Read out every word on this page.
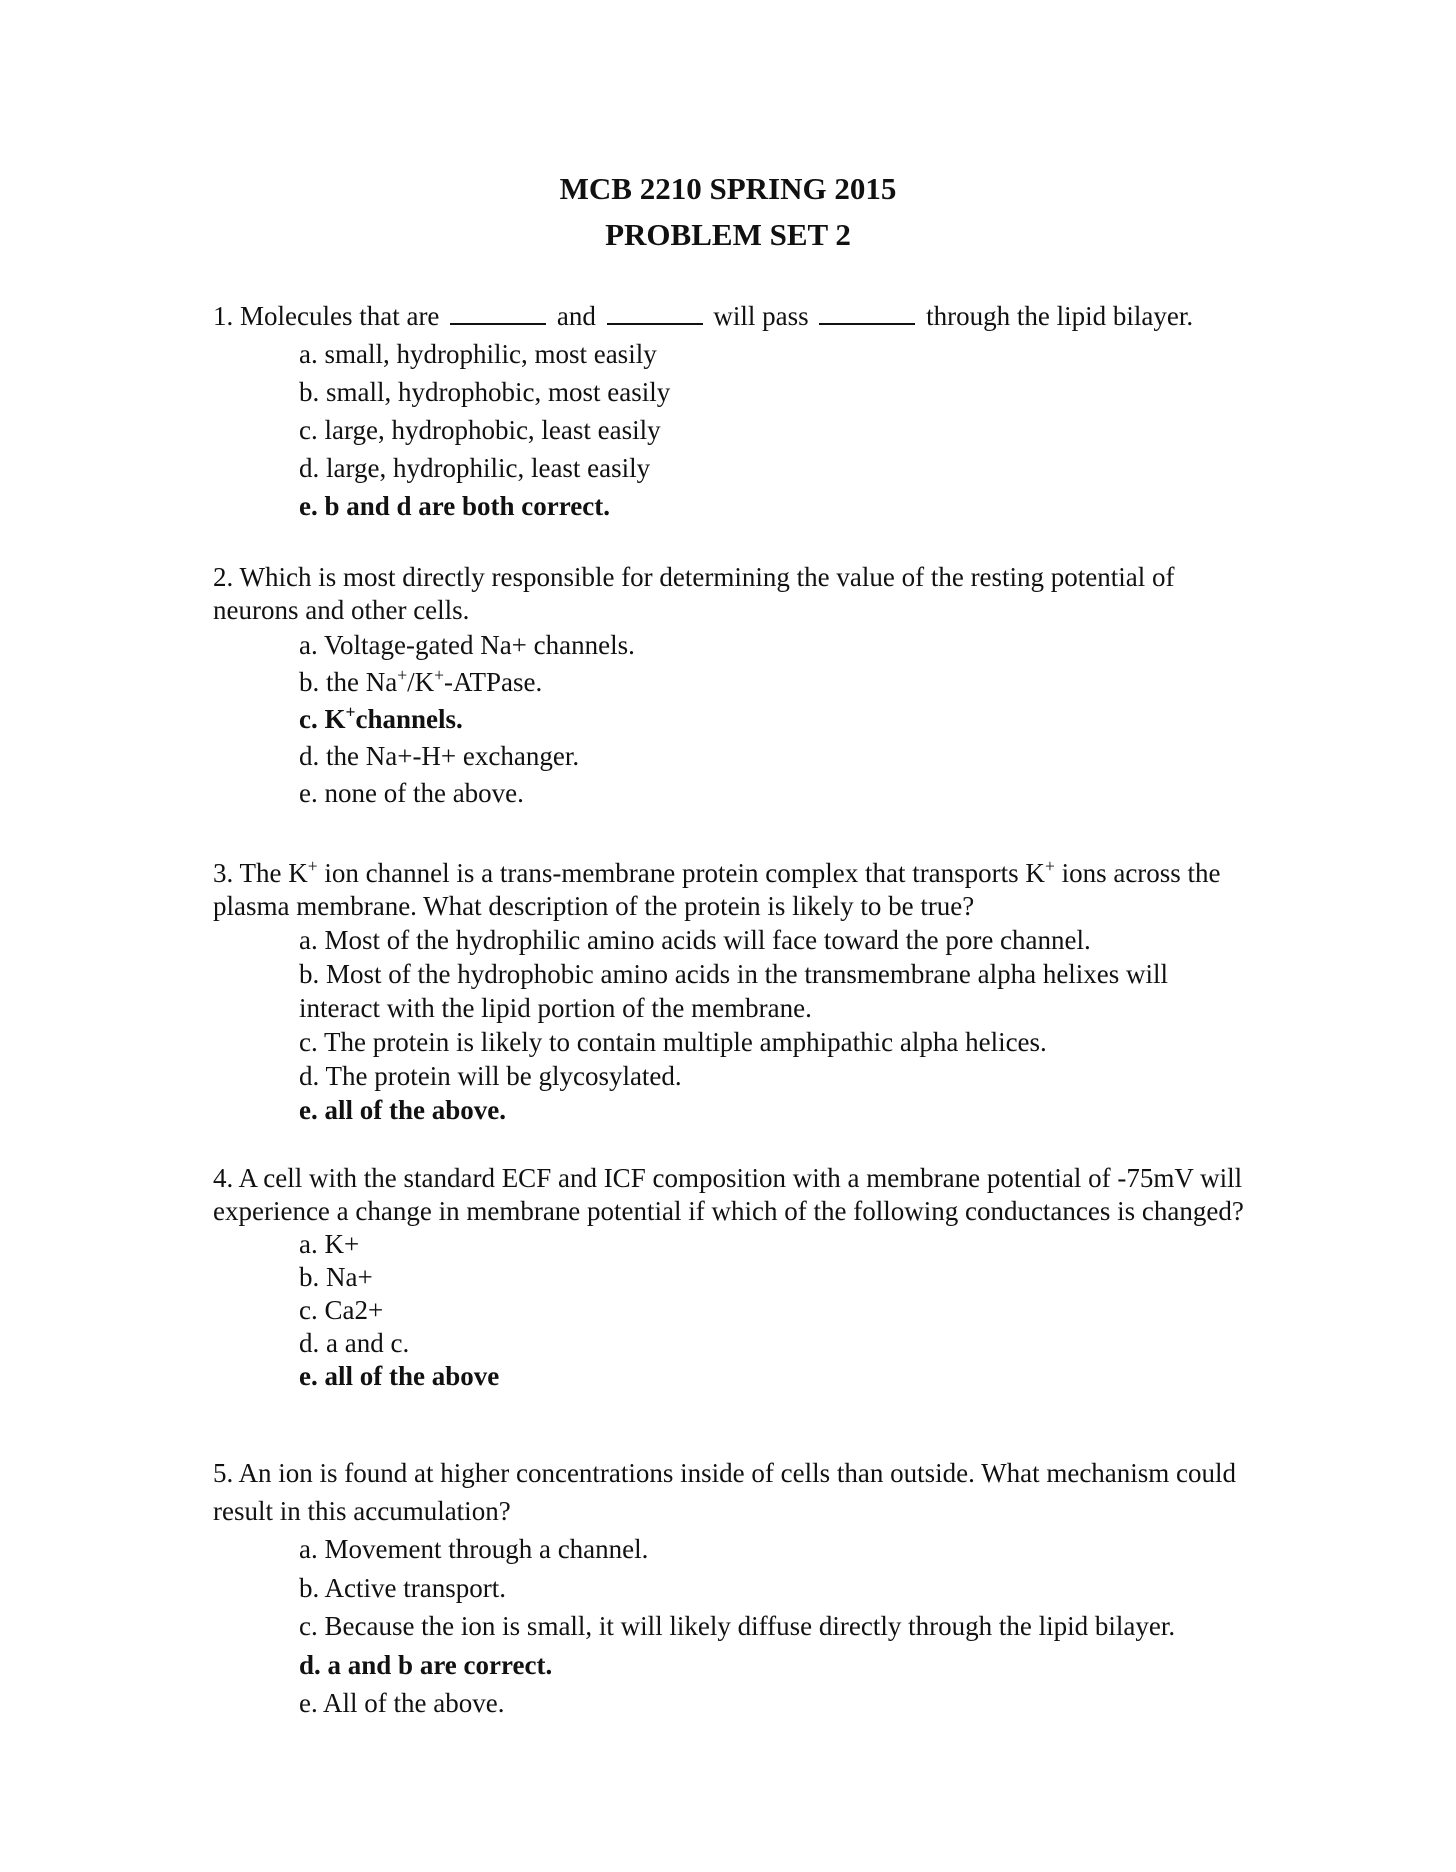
MCB 2210 SPRING 2015
PROBLEM SET 2

1. Molecules that are	and	will pass	through the lipid bilayer.

a. small, hydrophilic, most easily
b. small, hydrophobic, most easily
c. large, hydrophobic, least easily
d. large, hydrophilic, least easily
e. b and d are both correct.

2. Which is most directly responsible for determining the value of the resting potential of neurons and other cells.

a. Voltage-gated Na+ channels.
b. the Na+/K+-ATPase.
c. K+channels.
d. the Na+-H+ exchanger.
e. none of the above.

3. The K+ ion channel is a trans-membrane protein complex that transports K+ ions across the plasma membrane. What description of the protein is likely to be true?

a. Most of the hydrophilic amino acids will face toward the pore channel.
b. Most of the hydrophobic amino acids in the transmembrane alpha helixes will interact with the lipid portion of the membrane.
c. The protein is likely to contain multiple amphipathic alpha helices.
d. The protein will be glycosylated.
e. all of the above.

4. A cell with the standard ECF and ICF composition with a membrane potential of -75mV will experience a change in membrane potential if which of the following conductances is changed?

a. K+
b. Na+
c. Ca2+
d. a and c.
e. all of the above

5. An ion is found at higher concentrations inside of cells than outside. What mechanism could result in this accumulation?

a. Movement through a channel.
b. Active transport.
c. Because the ion is small, it will likely diffuse directly through the lipid bilayer.
d. a and b are correct.
e. All of the above.
